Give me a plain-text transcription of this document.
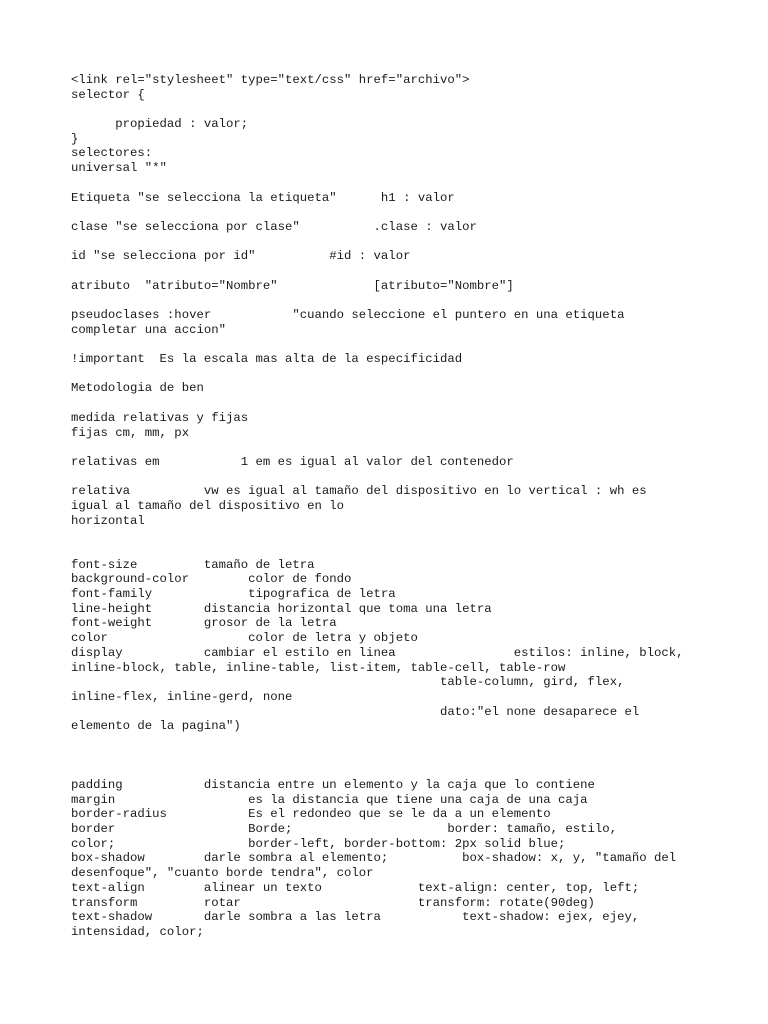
<link rel="stylesheet" type="text/css" href="archivo">
selector {
propiedad : valor;
}
selectores:
universal "*"
Etiqueta "se selecciona la etiqueta"      h1 : valor
clase "se selecciona por clase"          .clase : valor
id "se selecciona por id"          #id : valor
atributo  "atributo="Nombre"             [atributo="Nombre"]
pseudoclases :hover           "cuando seleccione el puntero en una etiqueta
completar una accion"
!important  Es la escala mas alta de la especificidad
Metodologia de ben
medida relativas y fijas
fijas cm, mm, px
relativas em           1 em es igual al valor del contenedor
relativa          vw es igual al tamaño del dispositivo en lo vertical : wh es
igual al tamaño del dispositivo en lo
horizontal
font-size         tamaño de letra
background-color        color de fondo
font-family             tipografica de letra
line-height       distancia horizontal que toma una letra
font-weight       grosor de la letra
color                   color de letra y objeto
display           cambiar el estilo en linea                estilos: inline, block,
inline-block, table, inline-table, list-item, table-cell, table-row
table-column, gird, flex,
inline-flex, inline-gerd, none
dato:"el none desaparece el
elemento de la pagina")
padding           distancia entre un elemento y la caja que lo contiene
margin                  es la distancia que tiene una caja de una caja
border-radius           Es el redondeo que se le da a un elemento
border                  Borde;                     border: tamaño, estilo,
color;                  border-left, border-bottom: 2px solid blue;
box-shadow        darle sombra al elemento;          box-shadow: x, y, "tamaño del
desenfoque", "cuanto borde tendra", color
text-align        alinear un texto             text-align: center, top, left;
transform         rotar                        transform: rotate(90deg)
text-shadow       darle sombra a las letra           text-shadow: ejex, ejey,
intensidad, color;
